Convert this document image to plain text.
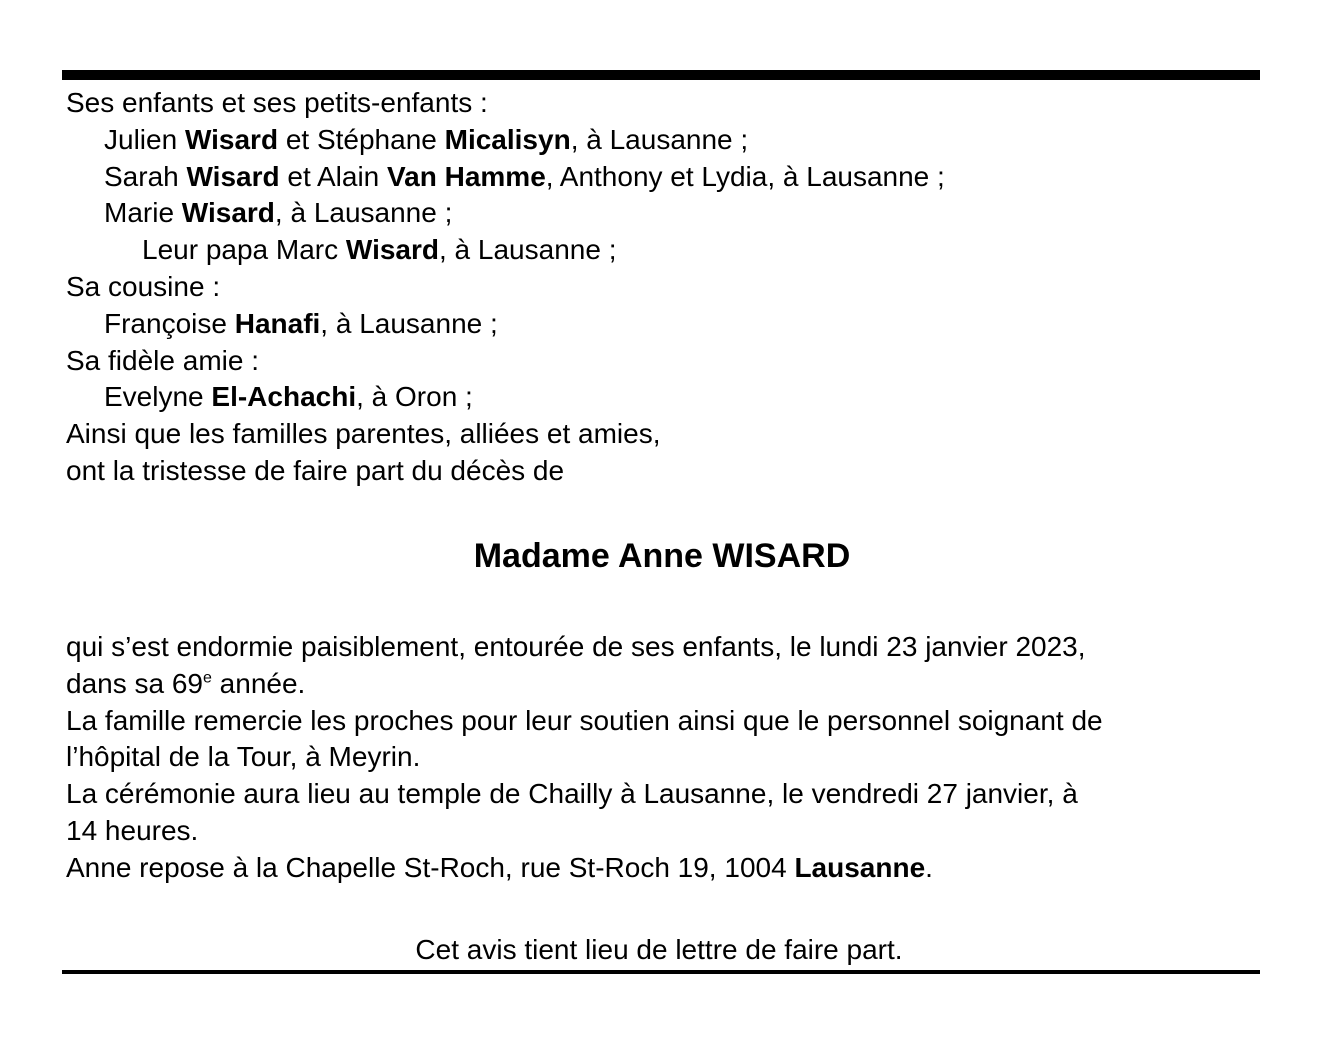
Ses enfants et ses petits-enfants :
Julien Wisard et Stéphane Micalisyn, à Lausanne ;
Sarah Wisard et Alain Van Hamme, Anthony et Lydia, à Lausanne ;
Marie Wisard, à Lausanne ;
Leur papa Marc Wisard, à Lausanne ;
Sa cousine :
Françoise Hanafi, à Lausanne ;
Sa fidèle amie :
Evelyne El-Achachi, à Oron ;
Ainsi que les familles parentes, alliées et amies,
ont la tristesse de faire part du décès de
Madame Anne WISARD
qui s’est endormie paisiblement, entourée de ses enfants, le lundi 23 janvier 2023,
dans sa 69e année.
La famille remercie les proches pour leur soutien ainsi que le personnel soignant de
l’hôpital de la Tour, à Meyrin.
La cérémonie aura lieu au temple de Chailly à Lausanne, le vendredi 27 janvier, à
14 heures.
Anne repose à la Chapelle St-Roch, rue St-Roch 19, 1004 Lausanne.
Cet avis tient lieu de lettre de faire part.
